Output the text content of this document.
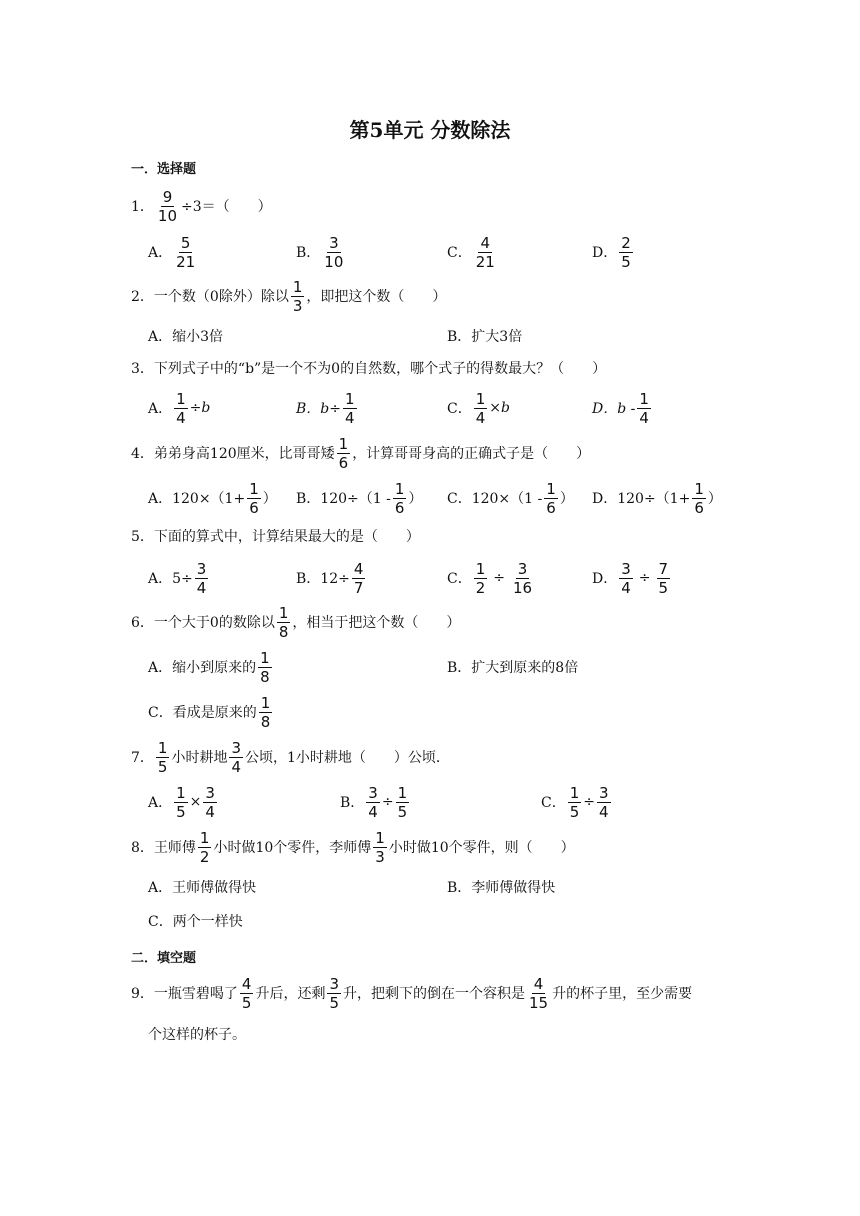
第5单元 分数除法
一．选择题
1． $\frac{9}{10} \div 3=$（　　）
A． $\frac{5}{21}$	B． $\frac{3}{10}$	C． $\frac{4}{21}$	D． $\frac{2}{5}$
2．一个数（0除外）除以 $\frac{1}{3}$ ，即把这个数（　　）
A．缩小3倍	B．扩大3倍
3．下列式子中的“b”是一个不为0的自然数，哪个式子的得数最大？（　　）
A． $\frac{1}{4} \div b$	B．$b\div \frac{1}{4}$	C． $\frac{1}{4} \times b$	D．b - $\frac{1}{4}$
4．弟弟身高120厘米，比哥哥矮 $\frac{1}{6}$ ，计算哥哥身高的正确式子是（　　）
A．$120\times(1+ \frac{1}{6}$ ） B．$120\div(1 - \frac{1}{6}$ ） C．$120\times(1 - \frac{1}{6}$ ） D．$120\div(1+ \frac{1}{6}$ ）
5．下面的算式中，计算结果最大的是（　　）
A．$5\div \frac{3}{4}$	B．$12\div \frac{4}{7}$	C． $\frac{1}{2} \div \frac{3}{16}$	D． $\frac{3}{4} \div \frac{7}{5}$
6．一个大于0的数除以 $\frac{1}{8}$ ，相当于把这个数（　　）
A．缩小到原来的 $\frac{1}{8}$	B．扩大到原来的8倍
C．看成是原来的 $\frac{1}{8}$
7． $\frac{1}{5}$ 小时耕地 $\frac{3}{4}$ 公顷，1小时耕地（　　）公顷．
A． $\frac{1}{5} \times \frac{3}{4}$	B． $\frac{3}{4} \div \frac{1}{5}$	C． $\frac{1}{5} \div \frac{3}{4}$
8．王师傅 $\frac{1}{2}$ 小时做10个零件，李师傅 $\frac{1}{3}$ 小时做10个零件，则（　　）
A．王师傅做得快	B．李师傅做得快
C．两个一样快
二．填空题
9．一瓶雪碧喝了 $\frac{4}{5}$ 升后，还剩 $\frac{3}{5}$ 升，把剩下的倒在一个容积是 $\frac{4}{15}$ 升的杯子里，至少需要
个这样的杯子。
